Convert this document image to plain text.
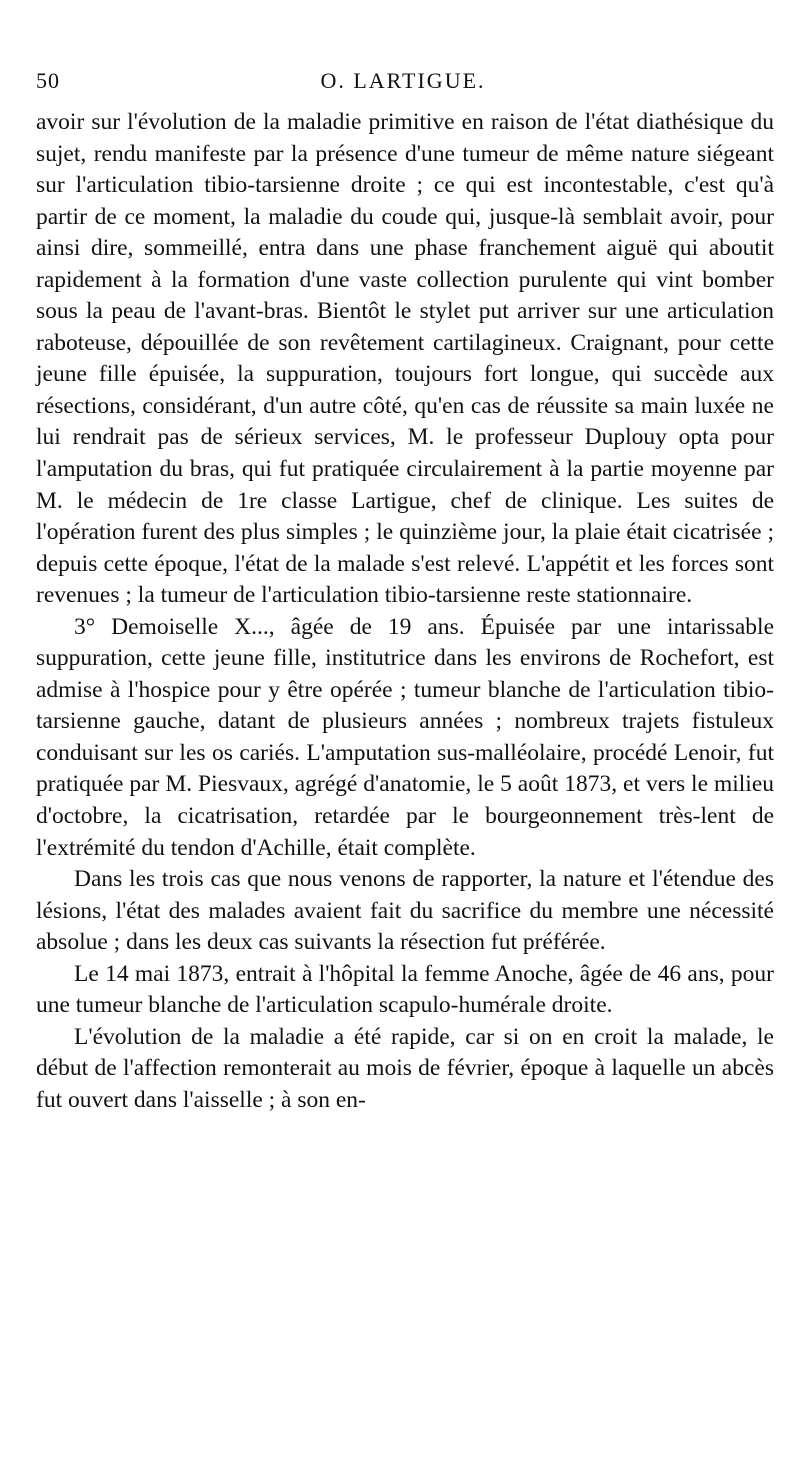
50	O. LARTIGUE.

avoir sur l'évolution de la maladie primitive en raison de l'état diathésique du sujet, rendu manifeste par la présence d'une tumeur de même nature siégeant sur l'articulation tibio-tarsienne droite ; ce qui est incontestable, c'est qu'à partir de ce moment, la maladie du coude qui, jusque-là semblait avoir, pour ainsi dire, sommeillé, entra dans une phase franchement aiguë qui aboutit rapidement à la formation d'une vaste collection purulente qui vint bomber sous la peau de l'avant-bras. Bientôt le stylet put arriver sur une articulation raboteuse, dépouillée de son revêtement cartilagineux. Craignant, pour cette jeune fille épuisée, la suppuration, toujours fort longue, qui succède aux résections, considérant, d'un autre côté, qu'en cas de réussite sa main luxée ne lui rendrait pas de sérieux services, M. le professeur Duplouy opta pour l'amputation du bras, qui fut pratiquée circulairement à la partie moyenne par M. le médecin de 1re classe Lartigue, chef de clinique. Les suites de l'opération furent des plus simples ; le quinzième jour, la plaie était cicatrisée ; depuis cette époque, l'état de la malade s'est relevé. L'appétit et les forces sont revenues ; la tumeur de l'articulation tibio-tarsienne reste stationnaire.

3° Demoiselle X..., âgée de 19 ans. Épuisée par une intarissable suppuration, cette jeune fille, institutrice dans les environs de Rochefort, est admise à l'hospice pour y être opérée ; tumeur blanche de l'articulation tibio-tarsienne gauche, datant de plusieurs années ; nombreux trajets fistuleux conduisant sur les os cariés. L'amputation sus-malléolaire, procédé Lenoir, fut pratiquée par M. Piesvaux, agrégé d'anatomie, le 5 août 1873, et vers le milieu d'octobre, la cicatrisation, retardée par le bourgeonnement très-lent de l'extrémité du tendon d'Achille, était complète.

Dans les trois cas que nous venons de rapporter, la nature et l'étendue des lésions, l'état des malades avaient fait du sacrifice du membre une nécessité absolue ; dans les deux cas suivants la résection fut préférée.

Le 14 mai 1873, entrait à l'hôpital la femme Anoche, âgée de 46 ans, pour une tumeur blanche de l'articulation scapulo-humérale droite.

L'évolution de la maladie a été rapide, car si on en croit la malade, le début de l'affection remonterait au mois de février, époque à laquelle un abcès fut ouvert dans l'aisselle ; à son en-
